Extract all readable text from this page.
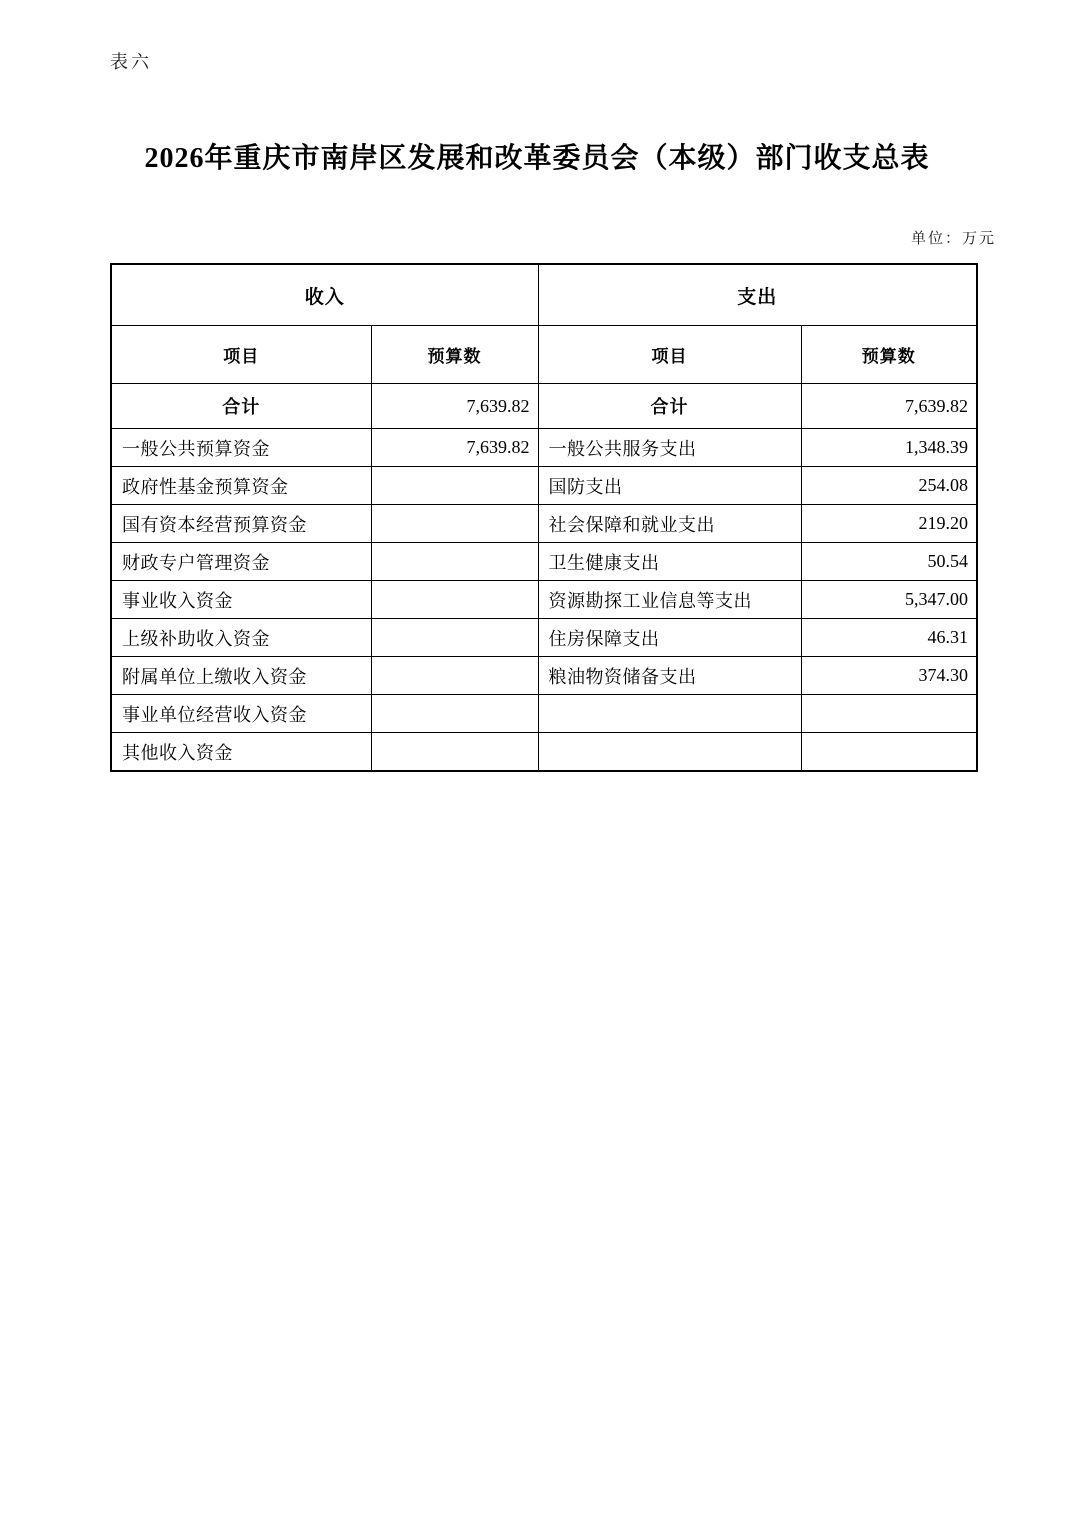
表六
2026年重庆市南岸区发展和改革委员会（本级）部门收支总表
单位：万元
收入		支出	
项目	预算数	项目	预算数
合计	7,639.82	合计	7,639.82
一般公共预算资金	7,639.82	一般公共服务支出	1,348.39
政府性基金预算资金		国防支出	254.08
国有资本经营预算资金		社会保障和就业支出	219.20
财政专户管理资金		卫生健康支出	50.54
事业收入资金		资源勘探工业信息等支出	5,347.00
上级补助收入资金		住房保障支出	46.31
附属单位上缴收入资金		粮油物资储备支出	374.30
事业单位经营收入资金			
其他收入资金			
